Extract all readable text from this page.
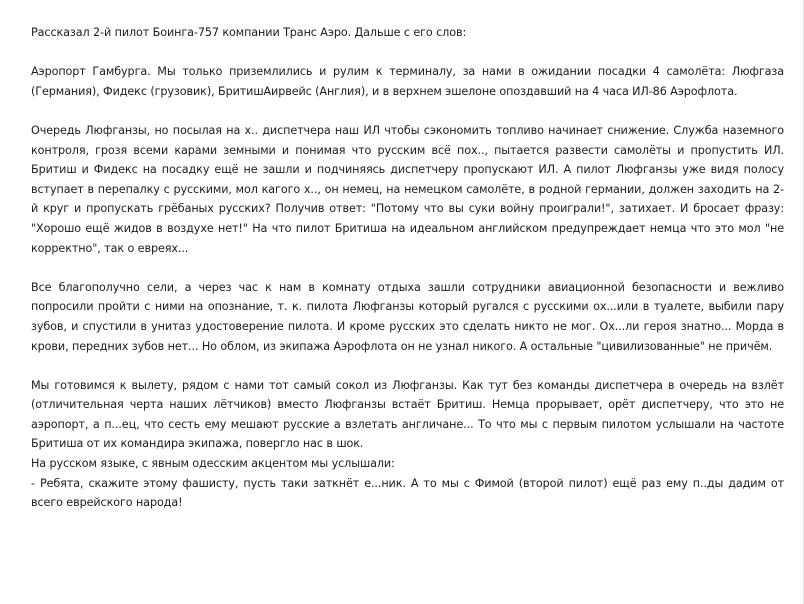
Рассказал 2-й пилот Боинга-757 компании Транс Аэро. Дальше с его слов:

Аэропорт Гамбурга. Мы только приземлились и рулим к терминалу, за нами в ожидании посадки 4 самолёта: Люфгаза (Германия), Фидекс (грузовик), БритишАирвейс (Англия), и в верхнем эшелоне опоздавший на 4 часа ИЛ-86 Аэрофлота.

Очередь Люфганзы, но посылая на х.. диспетчера наш ИЛ чтобы сэкономить топливо начинает снижение. Служба наземного контроля, грозя всеми карами земными и понимая что русским всё пох.., пытается развести самолёты и пропустить ИЛ. Бритиш и Фидекс на посадку ещё не зашли и подчиняясь диспетчеру пропускают ИЛ. А пилот Люфганзы уже видя полосу вступает в перепалку с русскими, мол кагого х.., он немец, на немецком самолёте, в родной германии, должен заходить на 2-й круг и пропускать грёбаных русских? Получив ответ: "Потому что вы суки войну проиграли!", затихает. И бросает фразу: "Хорошо ещё жидов в воздухе нет!" На что пилот Бритиша на идеальном английском предупреждает немца что это мол "не корректно", так о евреях...

Все благополучно сели, а через час к нам в комнату отдыха зашли сотрудники авиационной безопасности и вежливо попросили пройти с ними на опознание, т. к. пилота Люфганзы который ругался с русскими ох...или в туалете, выбили пару зубов, и спустили в унитаз удостоверение пилота. И кроме русских это сделать никто не мог. Ох...ли героя знатно... Морда в крови, передних зубов нет... Но облом, из экипажа Аэрофлота он не узнал никого. А остальные "цивилизованные" не причём.

Мы готовимся к вылету, рядом с нами тот самый сокол из Люфганзы. Как тут без команды диспетчера в очередь на взлёт (отличительная черта наших лётчиков) вместо Люфганзы встаёт Бритиш. Немца прорывает, орёт диспетчеру, что это не аэропорт, а п...ец, что сесть ему мешают русские а взлетать англичане... То что мы с первым пилотом услышали на частоте Бритиша от их командира экипажа, повергло нас в шок.

На русском языке, с явным одесским акцентом мы услышали:

- Ребята, скажите этому фашисту, пусть таки заткнёт е...ник. А то мы с Фимой (второй пилот) ещё раз ему п..ды дадим от всего еврейского народа!
